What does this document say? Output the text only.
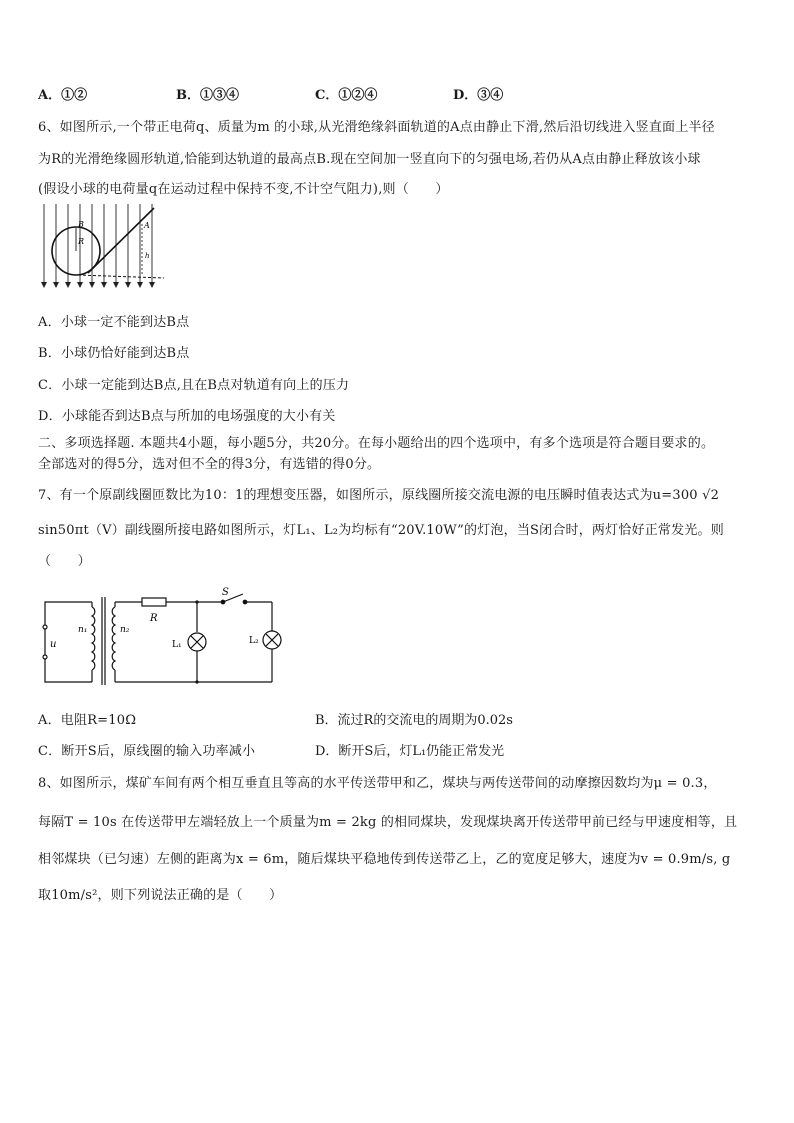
A．①②	B．①③④	C．①②④	D．③④
6、如图所示,一个带正电荷q、质量为m 的小球,从光滑绝缘斜面轨道的A点由静止下滑,然后沿切线进入竖直面上半径
为R的光滑绝缘圆形轨道,恰能到达轨道的最高点B.现在空间加一竖直向下的匀强电场,若仍从A点由静止释放该小球
(假设小球的电荷量q在运动过程中保持不变,不计空气阻力),则（　　）
B
R
A
h
A．小球一定不能到达B点
B．小球仍恰好能到达B点
C．小球一定能到达B点,且在B点对轨道有向上的压力
D．小球能否到达B点与所加的电场强度的大小有关
二、多项选择题. 本题共4小题，每小题5分，共20分。在每小题给出的四个选项中，有多个选项是符合题目要求的。
全部选对的得5分，选对但不全的得3分，有选错的得0分。
7、有一个原副线圈匝数比为10：1的理想变压器，如图所示，原线圈所接交流电源的电压瞬时值表达式为u=300 √2
sin50πt（V）副线圈所接电路如图所示，灯L₁、L₂为均标有“20V.10W”的灯泡，当S闭合时，两灯恰好正常发光。则
（　　）
S
R
n₁	n₂
u	L₁	L₂
A．电阻R=10Ω	B．流过R的交流电的周期为0.02s
C．断开S后，原线圈的输入功率减小	D．断开S后，灯L₁仍能正常发光
8、如图所示，煤矿车间有两个相互垂直且等高的水平传送带甲和乙，煤块与两传送带间的动摩擦因数均为μ = 0.3，
每隔T = 10s 在传送带甲左端轻放上一个质量为m = 2kg 的相同煤块，发现煤块离开传送带甲前已经与甲速度相等，且
相邻煤块（已匀速）左侧的距离为x = 6m，随后煤块平稳地传到传送带乙上，乙的宽度足够大，速度为v = 0.9m/s, g
取10m/s²，则下列说法正确的是（　　）
